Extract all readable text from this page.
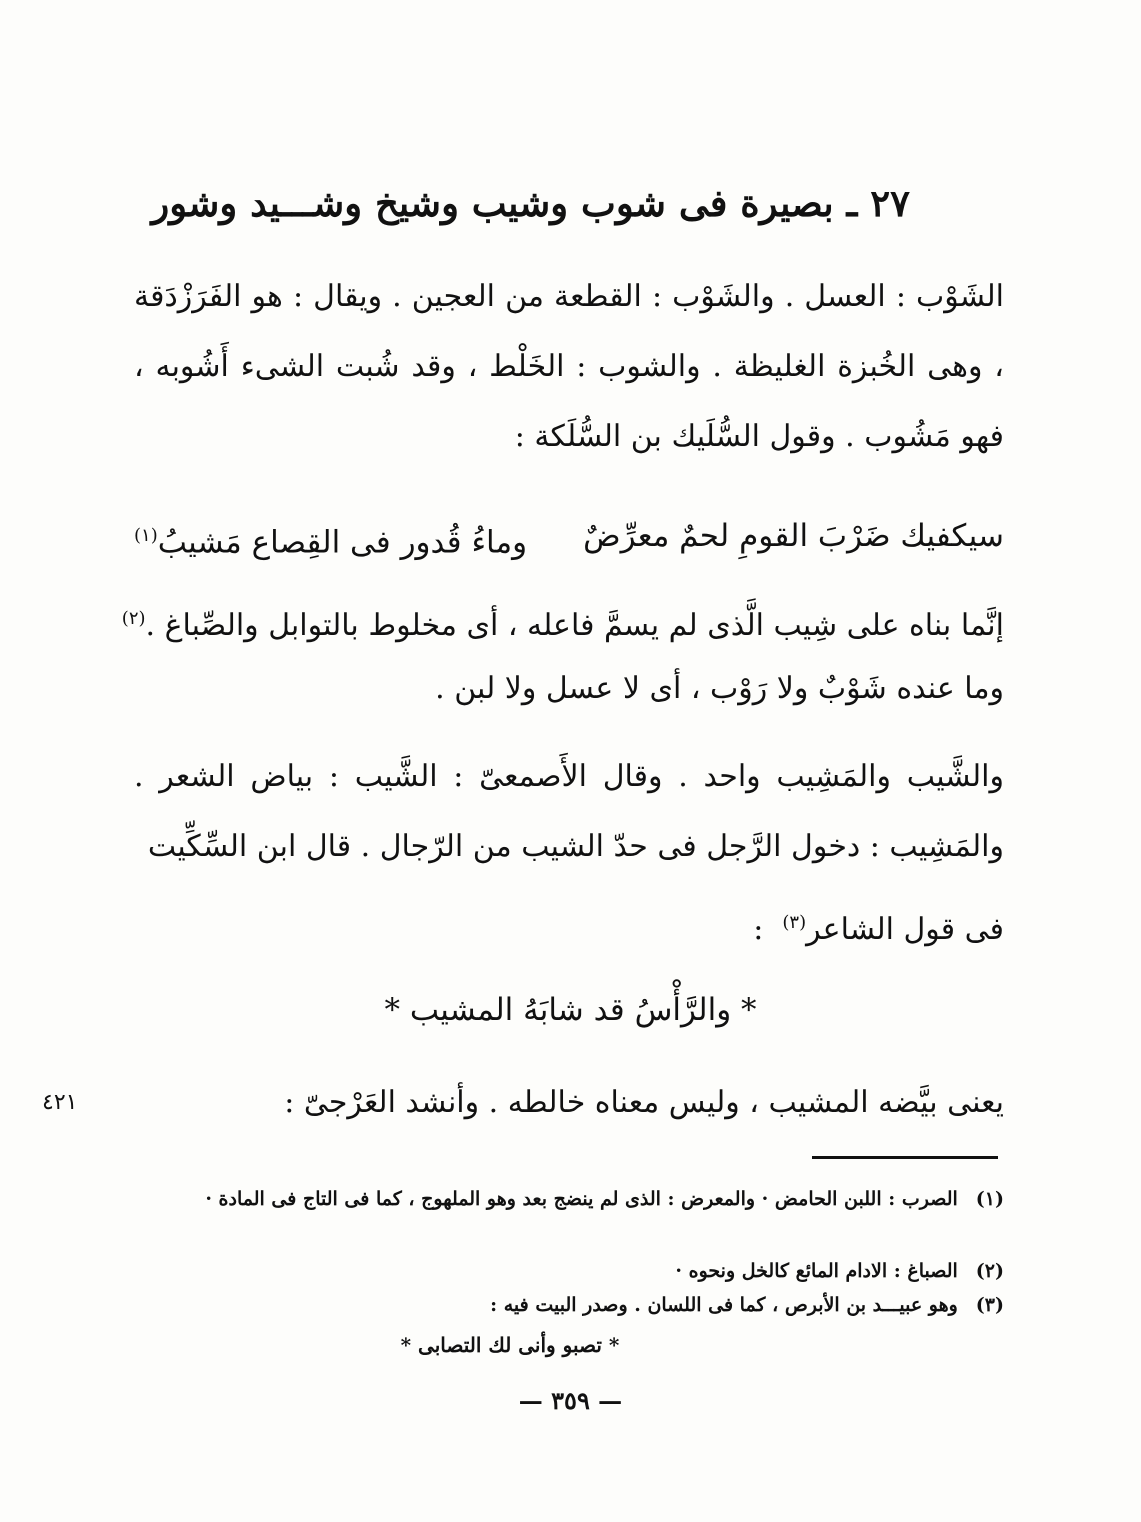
٢٧ ـ بصيرة فى شوب وشيب وشيخ وشـــيد وشور
الشَوْب : العسل . والشَوْب : القطعة من العجين . ويقال : هو الفَرَزْدَقة ، وهى الخُبزة الغليظة . والشوب : الخَلْط ، وقد شُبت الشىء أَشُوبه ، فهو مَشُوب . وقول السُّلَيك بن السُّلَكة :
سيكفيك ضَرْبَ القومِ لحمٌ معرِّضٌ
وماءُ قُدور فى القِصاع مَشيبُ$^{(١)}$
إنَّما بناه على شِيب الَّذى لم يسمَّ فاعله ، أى مخلوط بالتوابل والصِّباغ .$^{(٢)}$
وما عنده شَوْبٌ ولا رَوْب ، أى لا عسل ولا لبن .
والشَّيب والمَشِيب واحد . وقال الأَصمعىّ : الشَّيب : بياض الشعر . والمَشِيب : دخول الرَّجل فى حدّ الشيب من الرّجال . قال ابن السِّكِّيت
فى قول الشاعر$^{(٣)}$  :
* والرَّأْسُ قد شابَهُ المشيب *
يعنى بيَّضه المشيب ، وليس معناه خالطه . وأنشد العَرْجىّ :
٤٢١
(١)الصرب : اللبن الحامض · والمعرض : الذى لم ينضج بعد وهو الملهوج ، كما فى التاج فى المادة ·
(٢)الصباغ : الادام المائع كالخل ونحوه ·
(٣)وهو عبيـــد بن الأبرص ، كما فى اللسان . وصدر البيت فيه :
* تصبو وأنى لك التصابى *
— ٣٥٩ —
